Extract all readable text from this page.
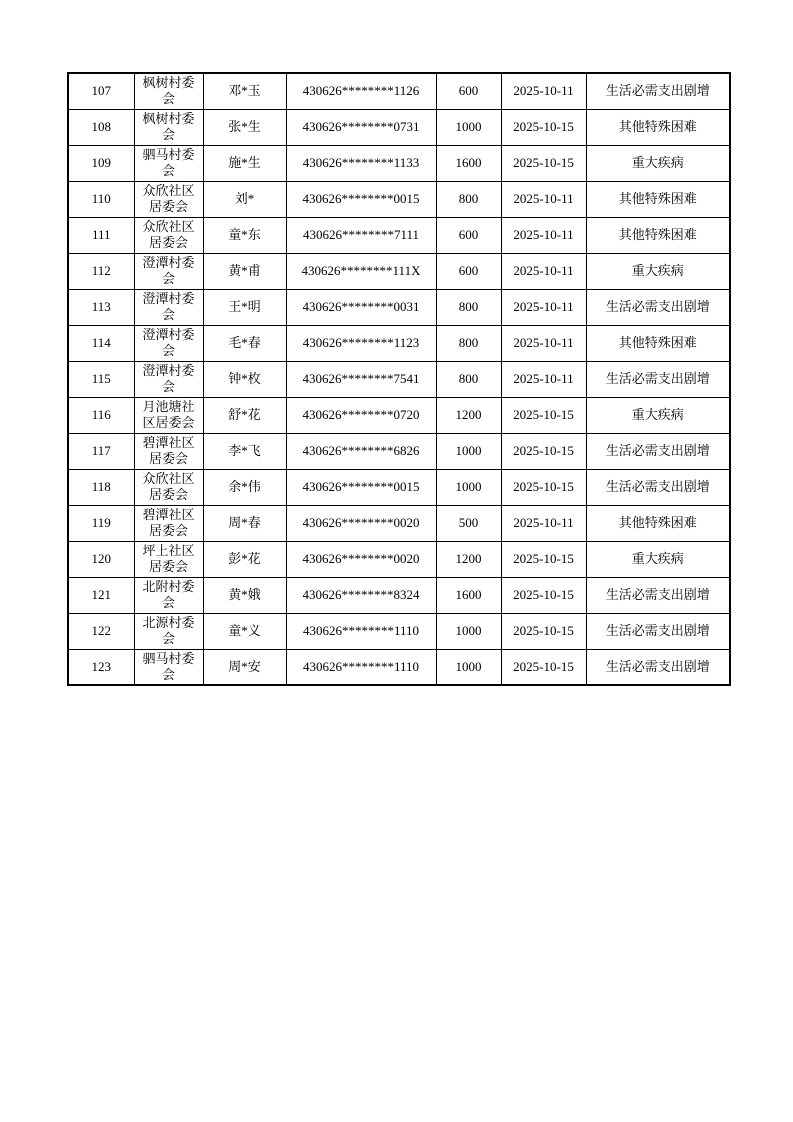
107	枫树村委会	邓*玉	430626********1126	600	2025-10-11	生活必需支出剧增
108	枫树村委会	张*生	430626********0731	1000	2025-10-15	其他特殊困难
109	驷马村委会	施*生	430626********1133	1600	2025-10-15	重大疾病
110	众欣社区居委会	刘*	430626********0015	800	2025-10-11	其他特殊困难
111	众欣社区居委会	童*东	430626********7111	600	2025-10-11	其他特殊困难
112	澄潭村委会	黄*甫	430626********111X	600	2025-10-11	重大疾病
113	澄潭村委会	王*明	430626********0031	800	2025-10-11	生活必需支出剧增
114	澄潭村委会	毛*春	430626********1123	800	2025-10-11	其他特殊困难
115	澄潭村委会	钟*枚	430626********7541	800	2025-10-11	生活必需支出剧增
116	月池塘社区居委会	舒*花	430626********0720	1200	2025-10-15	重大疾病
117	碧潭社区居委会	李*飞	430626********6826	1000	2025-10-15	生活必需支出剧增
118	众欣社区居委会	余*伟	430626********0015	1000	2025-10-15	生活必需支出剧增
119	碧潭社区居委会	周*春	430626********0020	500	2025-10-11	其他特殊困难
120	坪上社区居委会	彭*花	430626********0020	1200	2025-10-15	重大疾病
121	北附村委会	黄*娥	430626********8324	1600	2025-10-15	生活必需支出剧增
122	北源村委会	童*义	430626********1110	1000	2025-10-15	生活必需支出剧增
123	驷马村委会	周*安	430626********1110	1000	2025-10-15	生活必需支出剧增
